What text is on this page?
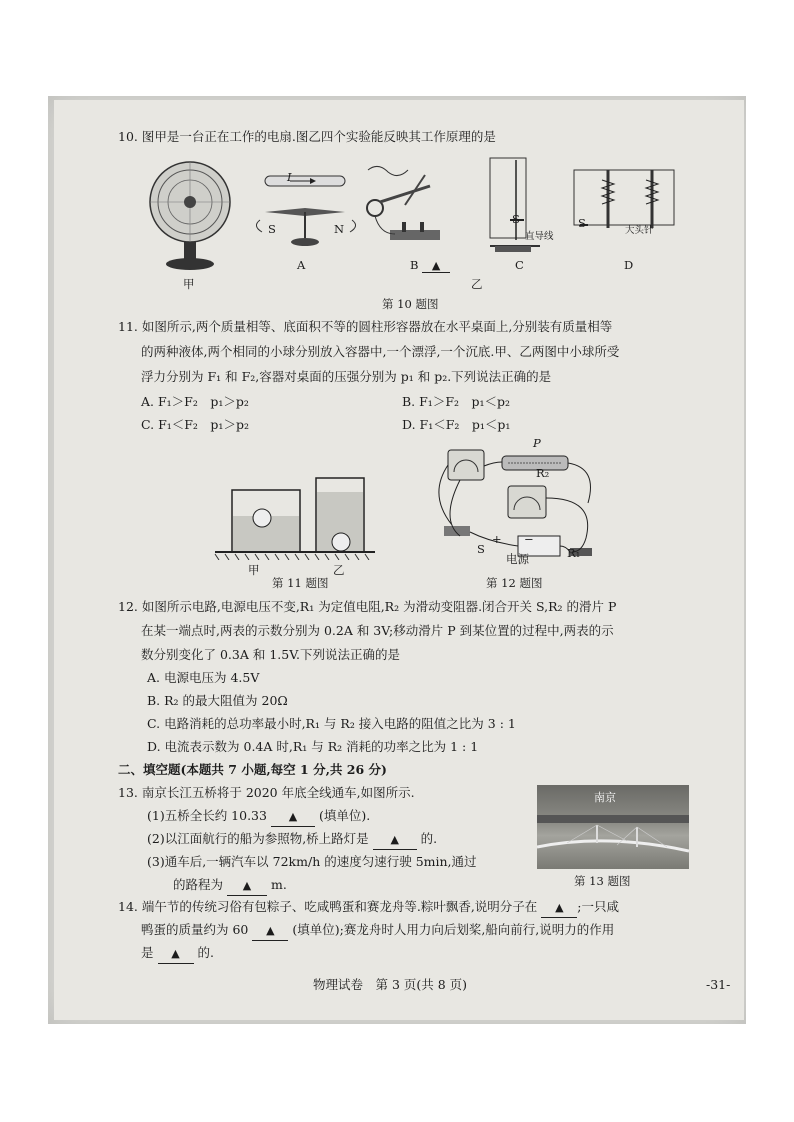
10. 图甲是一台正在工作的电扇.图乙四个实验能反映其工作原理的是
I
S	N
S
直导线
S
大头针
甲
A	B ▲	C	D
乙
第 10 题图
11. 如图所示,两个质量相等、底面积不等的圆柱形容器放在水平桌面上,分别装有质量相等
的两种液体,两个相同的小球分别放入容器中,一个漂浮,一个沉底.甲、乙两图中小球所受
浮力分别为 F₁ 和 F₂,容器对桌面的压强分别为 p₁ 和 p₂.下列说法正确的是
A. F₁＞F₂　p₁＞p₂	B. F₁＞F₂　p₁＜p₂
C. F₁＜F₂　p₁＞p₂	D. F₁＜F₂　p₁＜p₁
甲	乙
第 11 题图
P
R₂
S
+ −
电源	R₁
第 12 题图
12. 如图所示电路,电源电压不变,R₁ 为定值电阻,R₂ 为滑动变阻器.闭合开关 S,R₂ 的滑片 P
在某一端点时,两表的示数分别为 0.2A 和 3V;移动滑片 P 到某位置的过程中,两表的示
数分别变化了 0.3A 和 1.5V.下列说法正确的是
A. 电源电压为 4.5V
B. R₂ 的最大阻值为 20Ω
C. 电路消耗的总功率最小时,R₁ 与 R₂ 接入电路的阻值之比为 3 : 1
D. 电流表示数为 0.4A 时,R₁ 与 R₂ 消耗的功率之比为 1 : 1
二、填空题(本题共 7 小题,每空 1 分,共 26 分)
13. 南京长江五桥将于 2020 年底全线通车,如图所示.
(1)五桥全长约 10.33 ▲ (填单位).
(2)以江面航行的船为参照物,桥上路灯是 ▲ 的.
(3)通车后,一辆汽车以 72km/h 的速度匀速行驶 5min,通过
的路程为 ▲ m.
南京
第 13 题图
14. 端午节的传统习俗有包粽子、吃咸鸭蛋和赛龙舟等.粽叶飘香,说明分子在 ▲ ;一只咸
鸭蛋的质量约为 60 ▲ (填单位);赛龙舟时人用力向后划桨,船向前行,说明力的作用
是 ▲ 的.
物理试卷　第 3 页(共 8 页)	-31-
